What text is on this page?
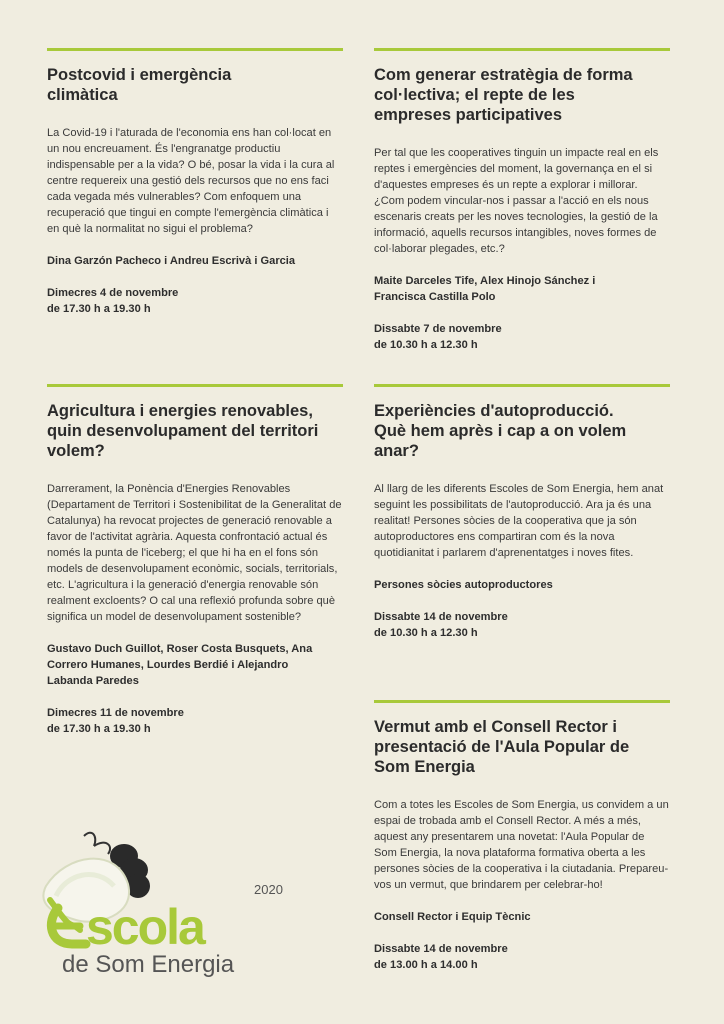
Postcovid i emergència climàtica
La Covid-19 i l'aturada de l'economia ens han col·locat en un nou encreuament. És l'engranatge productiu indispensable per a la vida? O bé, posar la vida i la cura al centre requereix una gestió dels recursos que no ens faci cada vegada més vulnerables? Com enfoquem una recuperació que tingui en compte l'emergència climàtica i en què la normalitat no sigui el problema?
Dina Garzón Pacheco i Andreu Escrivà i Garcia
Dimecres 4 de novembre
de 17.30 h a 19.30 h
Com generar estratègia de forma col·lectiva; el repte de les empreses participatives
Per tal que les cooperatives tinguin un impacte real en els reptes i emergències del moment, la governança en el si d'aquestes empreses és un repte a explorar i millorar. ¿Com podem vincular-nos i passar a l'acció en els nous escenaris creats per les noves tecnologies, la gestió de la informació, aquells recursos intangibles, noves formes de col·laborar plegades, etc.?
Maite Darceles Tife, Alex Hinojo Sánchez i Francisca Castilla Polo
Dissabte 7 de novembre
de 10.30 h a 12.30 h
Agricultura i energies renovables, quin desenvolupament del territori volem?
Darrerament, la Ponència d'Energies Renovables (Departament de Territori i Sostenibilitat de la Generalitat de Catalunya) ha revocat projectes de generació renovable a favor de l'activitat agrària. Aquesta confrontació actual és només la punta de l'iceberg; el que hi ha en el fons són models de desenvolupament econòmic, socials, territorials, etc. L'agricultura i la generació d'energia renovable són realment excloents? O cal una reflexió profunda sobre què significa un model de desenvolupament sostenible?
Gustavo Duch Guillot, Roser Costa Busquets, Ana Correro Humanes, Lourdes Berdié i Alejandro Labanda Paredes
Dimecres 11 de novembre
de 17.30 h a 19.30 h
Experiències d'autoproducció. Què hem après i cap a on volem anar?
Al llarg de les diferents Escoles de Som Energia, hem anat seguint les possibilitats de l'autoproducció. Ara ja és una realitat! Persones sòcies de la cooperativa que ja són autoproductores ens compartiran com és la nova quotidianitat i parlarem d'aprenentatges i noves fites.
Persones sòcies autoproductores
Dissabte 14 de novembre
de 10.30 h a 12.30 h
Vermut amb el Consell Rector i presentació de l'Aula Popular de Som Energia
Com a totes les Escoles de Som Energia, us convidem a un espai de trobada amb el Consell Rector. A més a més, aquest any presentarem una novetat: l'Aula Popular de Som Energia, la nova plataforma formativa oberta a les persones sòcies de la cooperativa i la ciutadania. Prepareu-vos un vermut, que brindarem per celebrar-ho!
Consell Rector i Equip Tècnic
Dissabte 14 de novembre
de 13.00 h a 14.00 h
2020
scola
de Som Energia
